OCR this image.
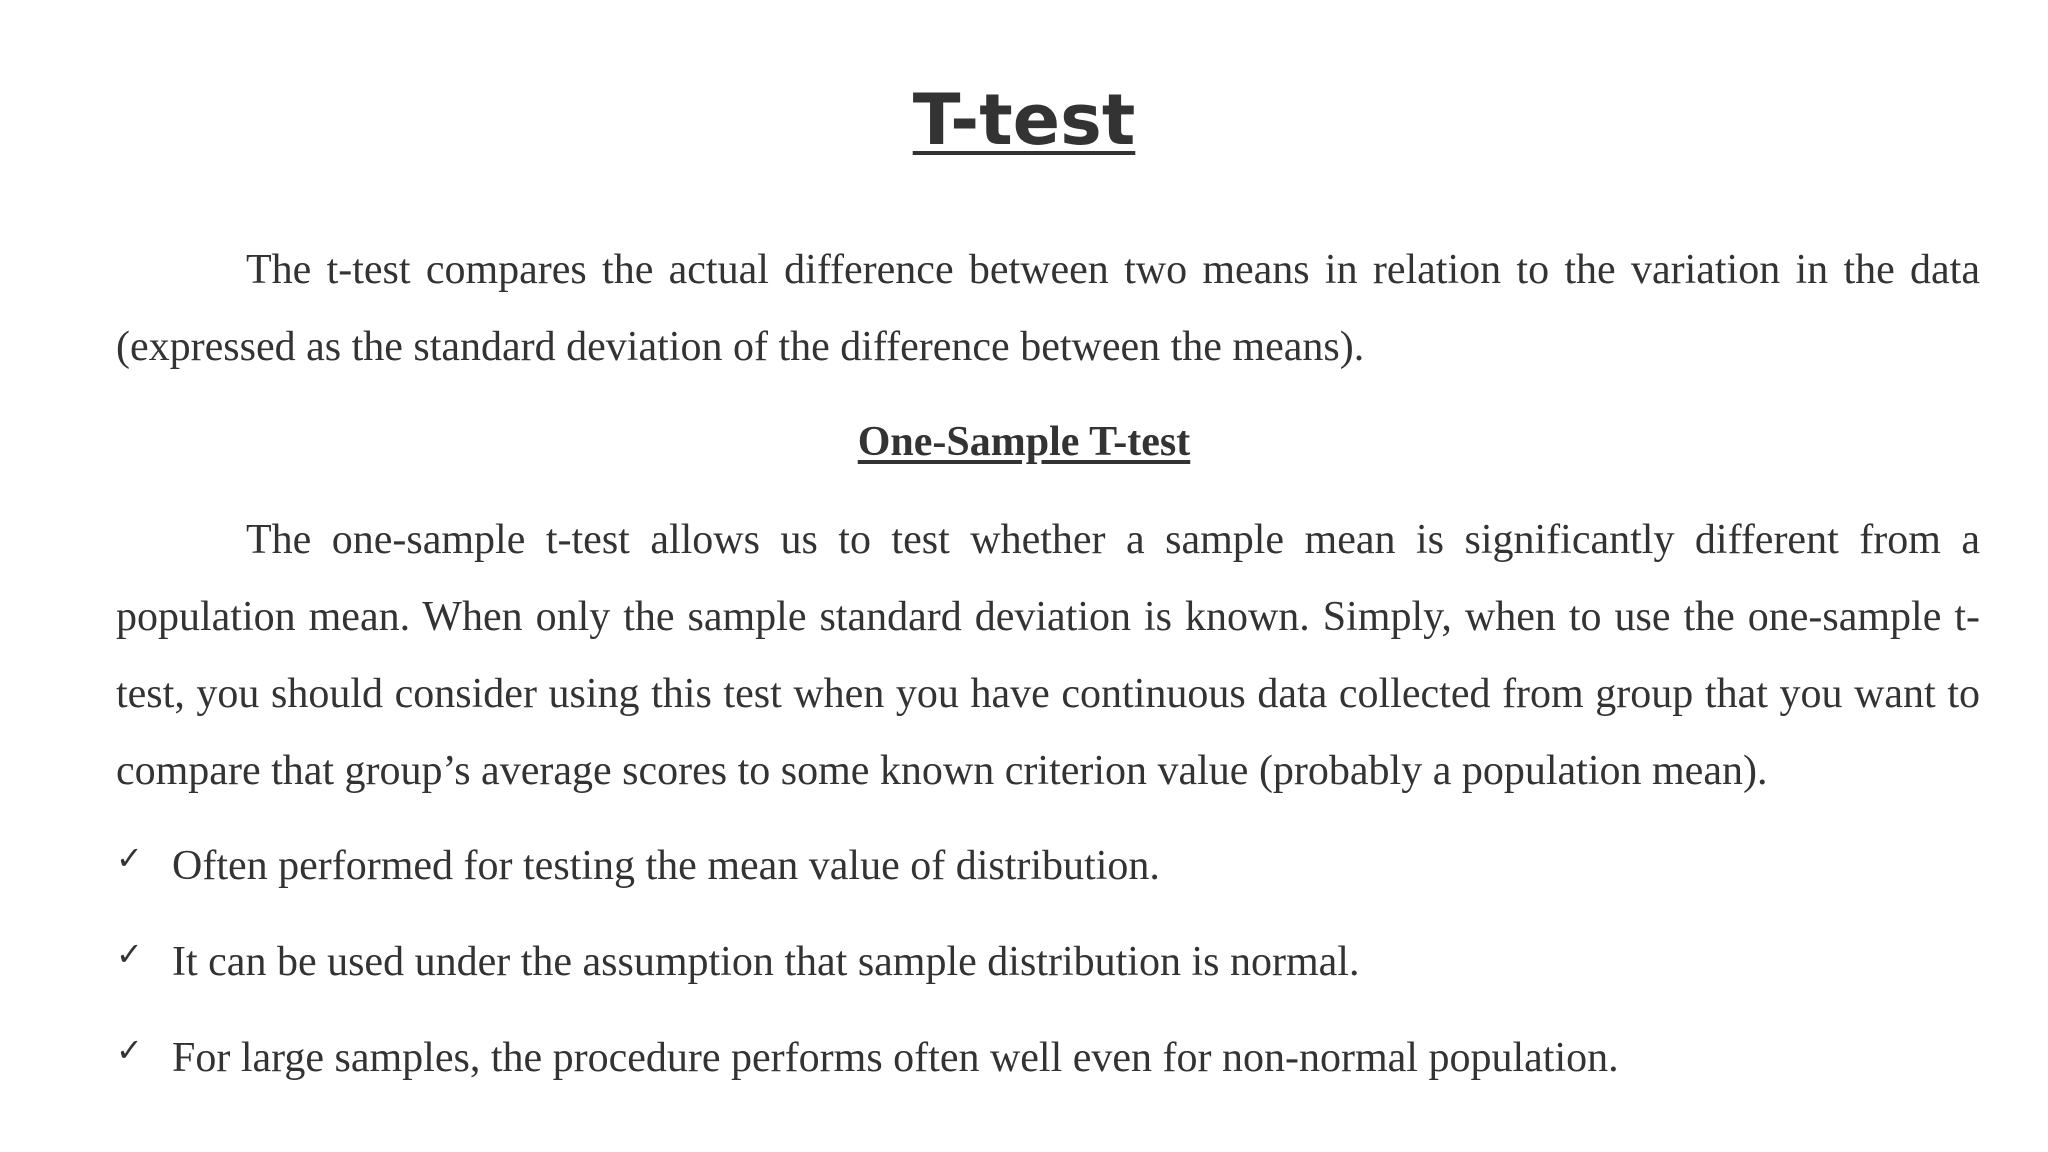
T-test
The t-test compares the actual difference between two means in relation to the variation in the data (expressed as the standard deviation of the difference between the means).
One-Sample T-test
The one-sample t-test allows us to test whether a sample mean is significantly different from a population mean. When only the sample standard deviation is known. Simply, when to use the one-sample t-test, you should consider using this test when you have continuous data collected from group that you want to compare that group’s average scores to some known criterion value (probably a population mean).
✓ Often performed for testing the mean value of distribution.
✓ It can be used under the assumption that sample distribution is normal.
✓ For large samples, the procedure performs often well even for non-normal population.
